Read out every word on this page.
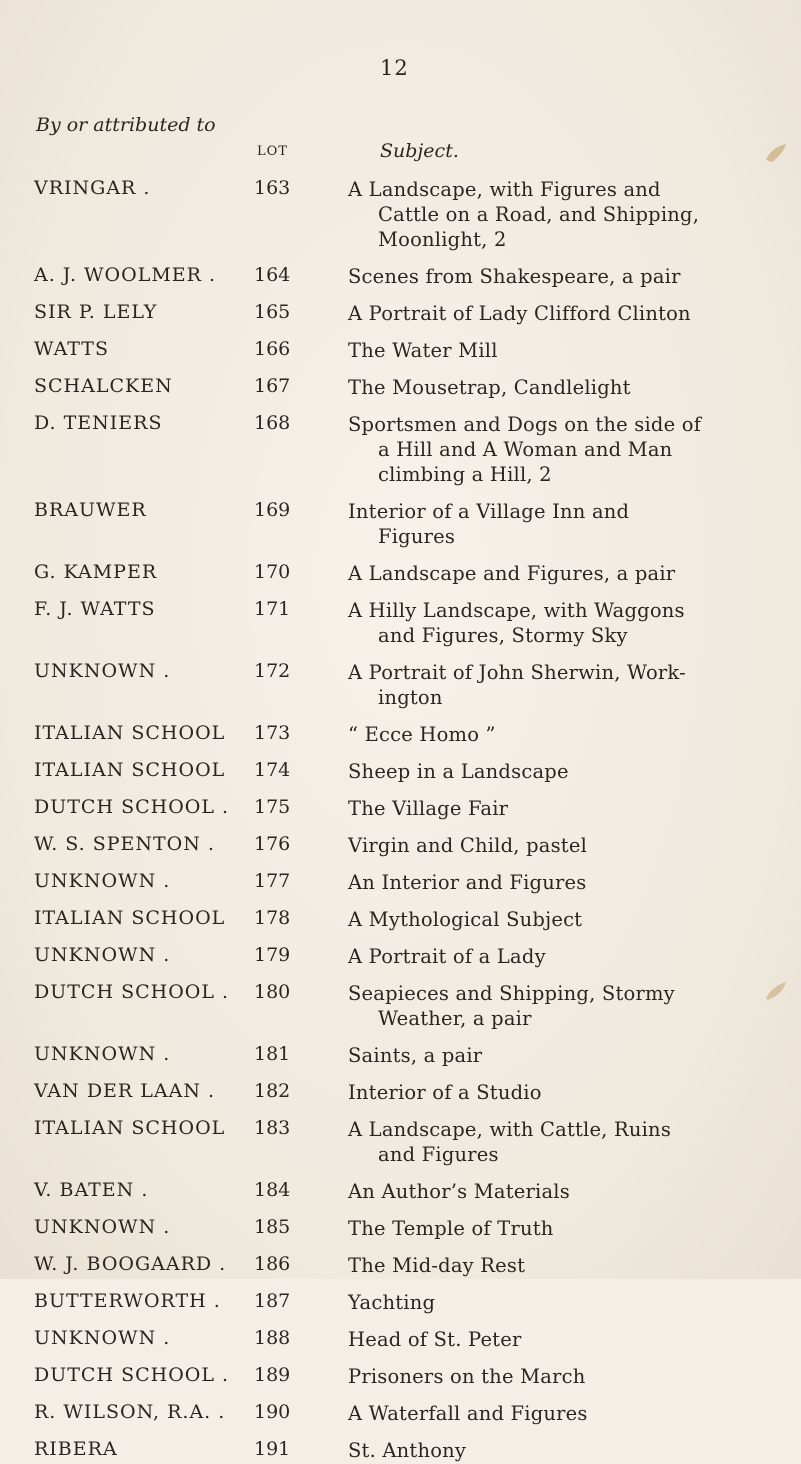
12
By or attributed to
LOT	Subject.
VRINGAR .	163	A Landscape, with Figures and
Cattle on a Road, and Shipping,
Moonlight, 2
A. J. WOOLMER . 164	Scenes from Shakespeare, a pair
SIR P. LELY	165	A Portrait of Lady Clifford Clinton
WATTS	166	The Water Mill
SCHALCKEN	167	The Mousetrap, Candlelight
D. TENIERS	168	Sportsmen and Dogs on the side of
a Hill and A Woman and Man
climbing a Hill, 2
BRAUWER	169	Interior of a Village Inn and
Figures
G. KAMPER	170	A Landscape and Figures, a pair
F. J. WATTS	171	A Hilly Landscape, with Waggons
and Figures, Stormy Sky
UNKNOWN .	172	A Portrait of John Sherwin, Work-
ington
ITALIAN SCHOOL 173	“ Ecce Homo ”
ITALIAN SCHOOL 174	Sheep in a Landscape
DUTCH SCHOOL . 175	The Village Fair
W. S. SPENTON . 176	Virgin and Child, pastel
UNKNOWN .	177	An Interior and Figures
ITALIAN SCHOOL 178	A Mythological Subject
UNKNOWN .	179	A Portrait of a Lady
DUTCH SCHOOL . 180	Seapieces and Shipping, Stormy
Weather, a pair
UNKNOWN .	181	Saints, a pair
VAN DER LAAN . 182	Interior of a Studio
ITALIAN SCHOOL 183	A Landscape, with Cattle, Ruins
and Figures
V. BATEN .	184	An Author’s Materials
UNKNOWN .	185	The Temple of Truth
W. J. BOOGAARD . 186	The Mid-day Rest
BUTTERWORTH . 187	Yachting
UNKNOWN .	188	Head of St. Peter
DUTCH SCHOOL . 189	Prisoners on the March
R. WILSON, R.A. . 190	A Waterfall and Figures
RIBERA	191	St. Anthony
